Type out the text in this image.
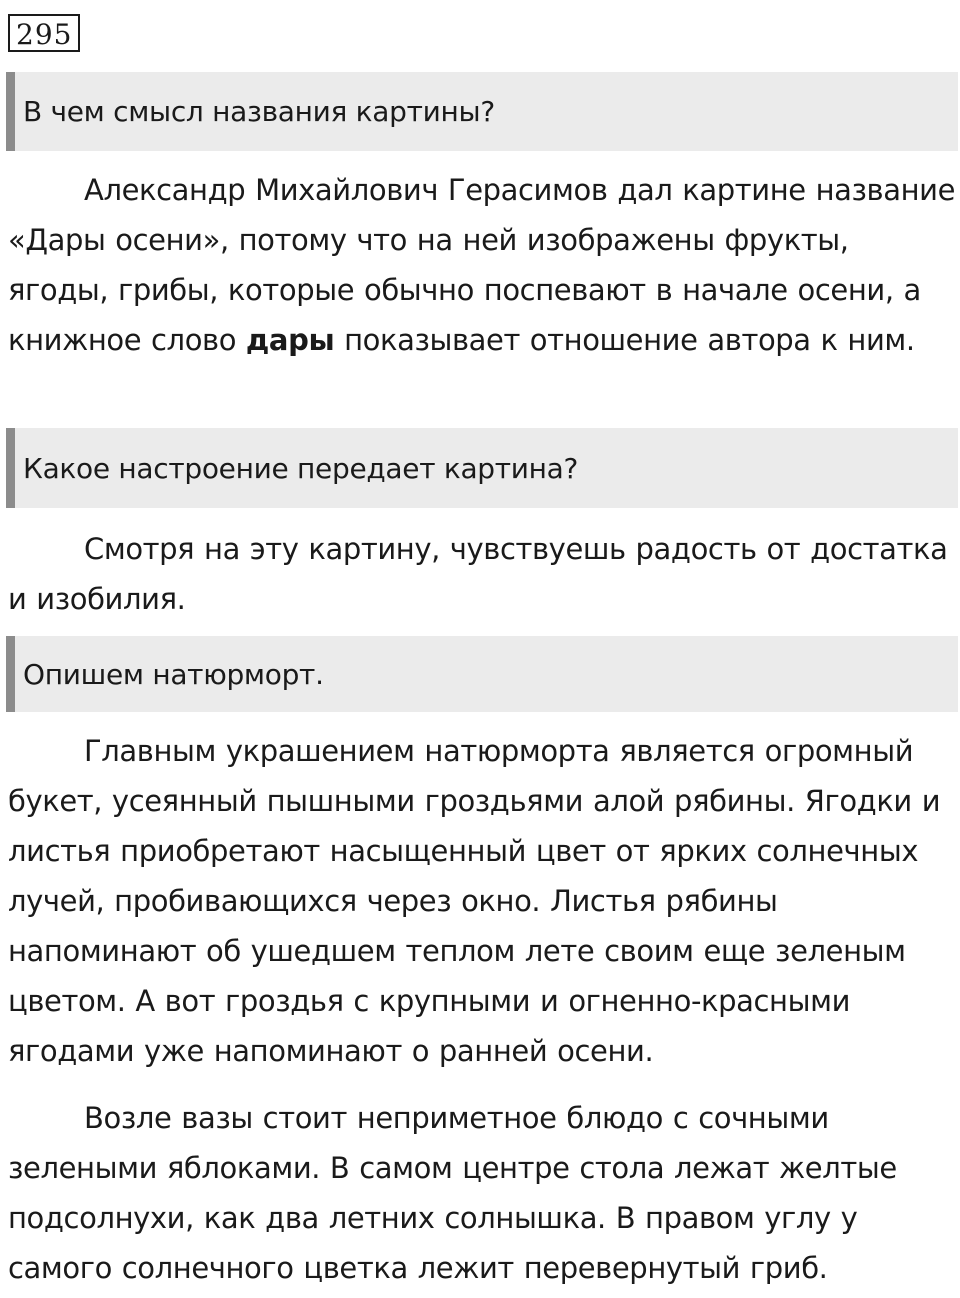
295
В чем смысл названия картины?

Александр Михайлович Герасимов дал картине название «Дары осени», потому что на ней изображены фрукты, ягоды, грибы, которые обычно поспевают в начале осени, а книжное слово дары показывает отношение автора к ним.

Какое настроение передает картина?

Смотря на эту картину, чувствуешь радость от достатка и изобилия.

Опишем натюрморт.

Главным украшением натюрморта является огромный букет, усеянный пышными гроздьями алой рябины. Ягодки и листья приобретают насыщенный цвет от ярких солнечных лучей, пробивающихся через окно. Листья рябины напоминают об ушедшем теплом лете своим еще зеленым цветом. А вот гроздья с крупными и огненно-красными ягодами уже напоминают о ранней осени.

Возле вазы стоит неприметное блюдо с сочными зелеными яблоками. В самом центре стола лежат желтые подсолнухи, как два летних солнышка. В правом углу у самого солнечного цветка лежит перевернутый гриб.
